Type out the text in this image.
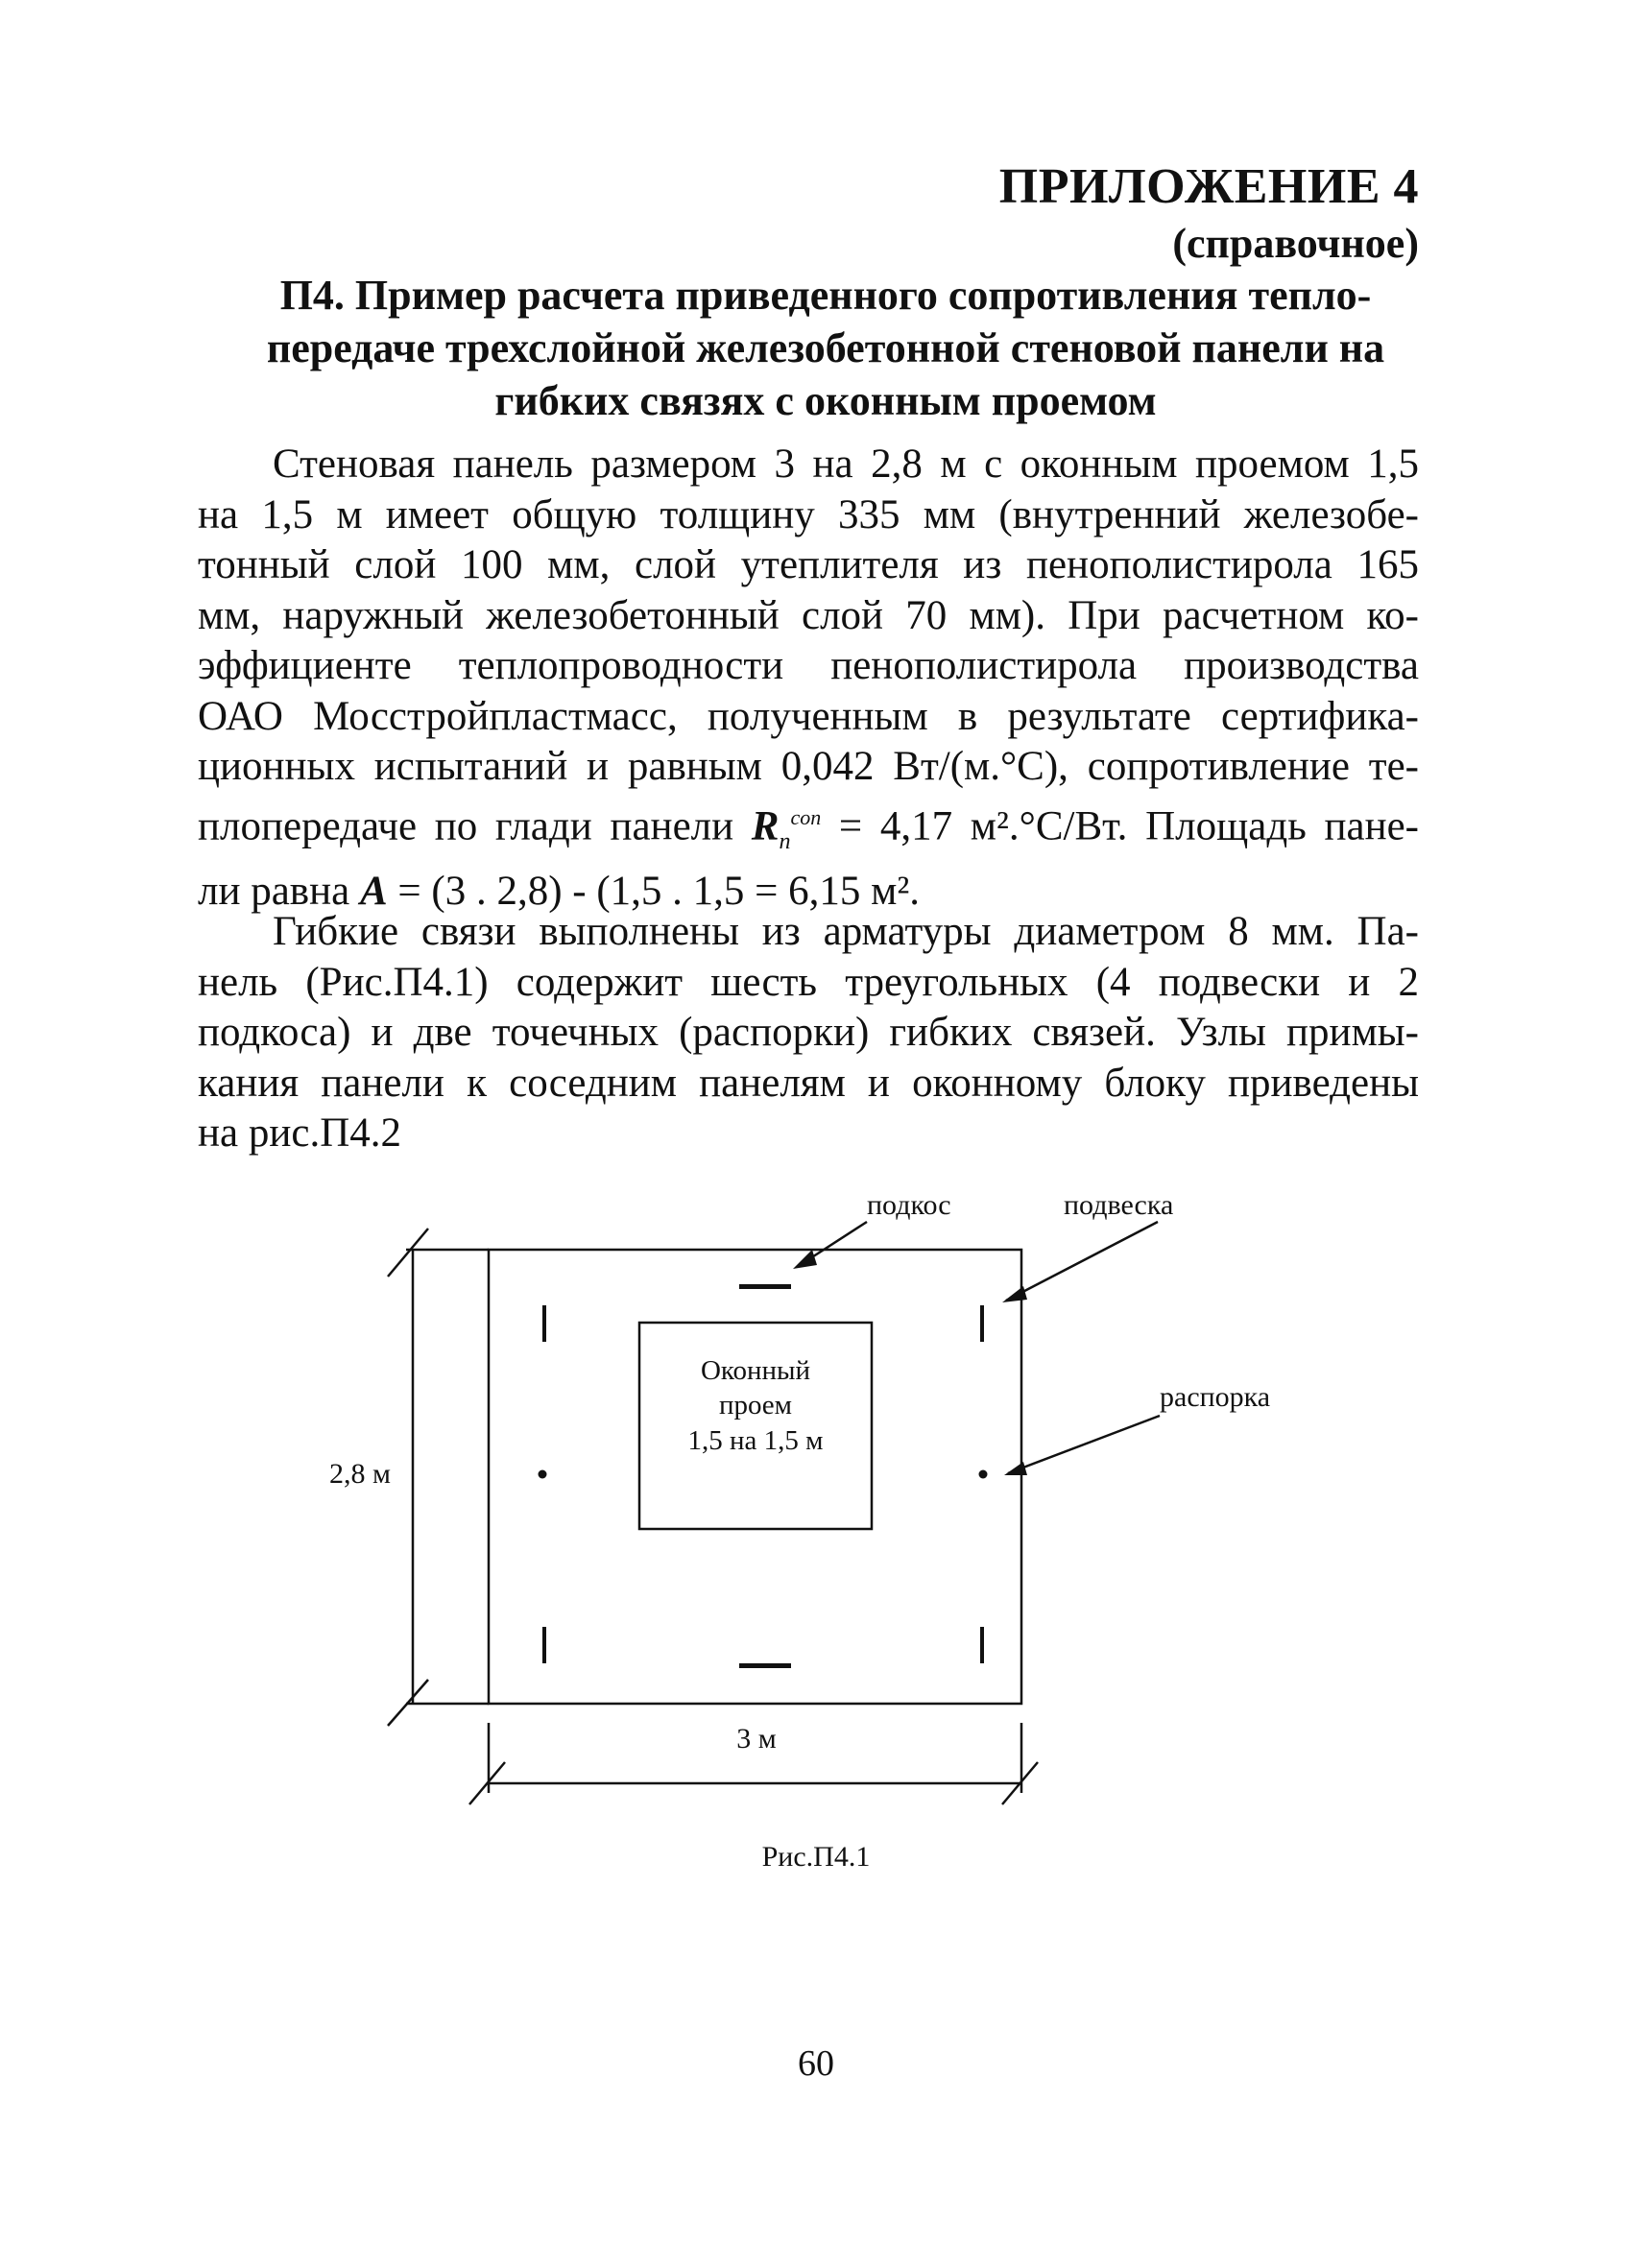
ПРИЛОЖЕНИЕ 4
(справочное)
П4. Пример расчета приведенного сопротивления тепло-
передаче трехслойной железобетонной стеновой панели на
гибких связях с оконным проемом

Стеновая панель размером 3 на 2,8 м с оконным проемом 1,5
на 1,5 м имеет общую толщину 335 мм (внутренний железобе-
тонный слой 100 мм, слой утеплителя из пенополистирола 165
мм, наружный железобетонный слой 70 мм). При расчетном ко-
эффициенте теплопроводности пенополистирола производства
ОАО Мосстройпластмасс, полученным в результате сертифика-
ционных испытаний и равным 0,042 Вт/(м.°С), сопротивление те-
плопередаче по глади панели $R_n^{con} = 4,17$ м².°С/Вт. Площадь пане-
ли равна A = (3 . 2,8) - (1,5 . 1,5 = 6,15 м².

Гибкие связи выполнены из арматуры диаметром 8 мм. Па-
нель (Рис.П4.1) содержит шесть треугольных (4 подвески и 2
подкоса) и две точечных (распорки) гибких связей. Узлы примы-
кания панели к соседним панелям и оконному блоку приведены
на рис.П4.2

подкос	подвеска
распорка
Оконный
проем
1,5 на 1,5 м
2,8 м
3 м

Рис.П4.1

60
